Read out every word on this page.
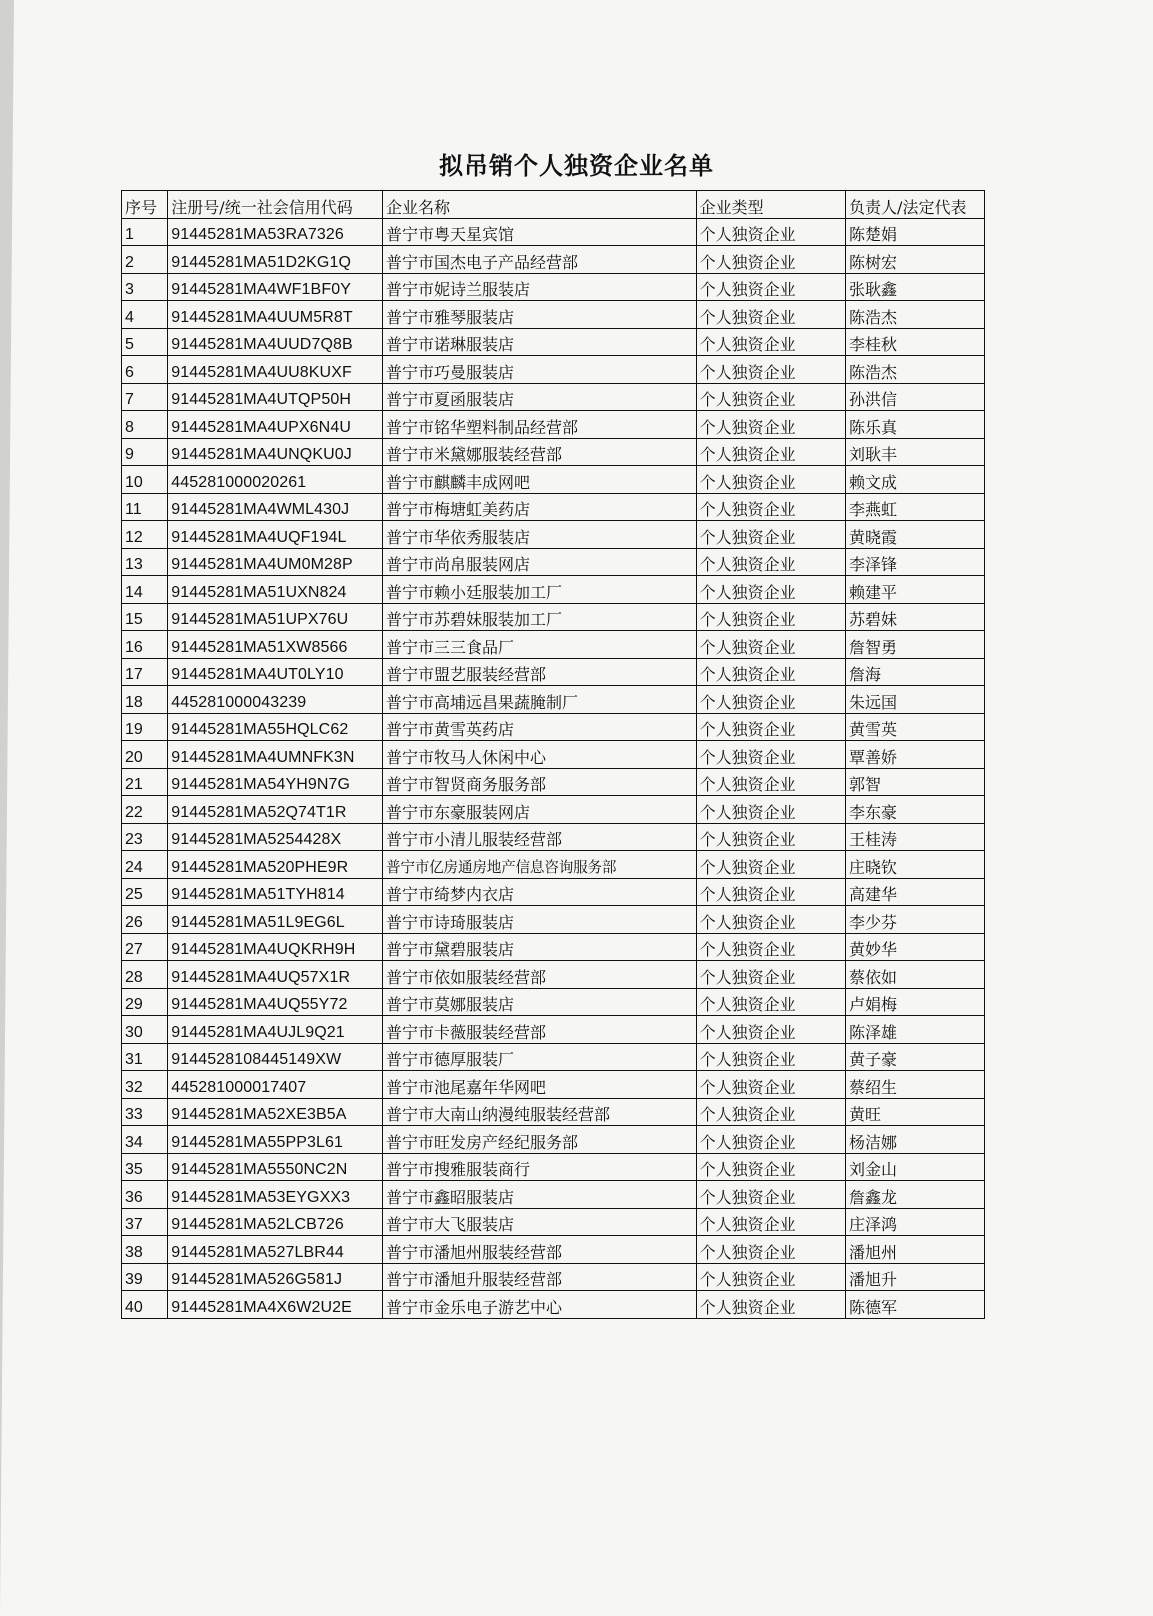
拟吊销个人独资企业名单
序号	注册号/统一社会信用代码	企业名称	企业类型	负责人/法定代表
1	91445281MA53RA7326	普宁市粤天星宾馆	个人独资企业	陈楚娟
2	91445281MA51D2KG1Q	普宁市国杰电子产品经营部	个人独资企业	陈树宏
3	91445281MA4WF1BF0Y	普宁市妮诗兰服装店	个人独资企业	张耿鑫
4	91445281MA4UUM5R8T	普宁市雅琴服装店	个人独资企业	陈浩杰
5	91445281MA4UUD7Q8B	普宁市诺琳服装店	个人独资企业	李桂秋
6	91445281MA4UU8KUXF	普宁市巧曼服装店	个人独资企业	陈浩杰
7	91445281MA4UTQP50H	普宁市夏函服装店	个人独资企业	孙洪信
8	91445281MA4UPX6N4U	普宁市铭华塑料制品经营部	个人独资企业	陈乐真
9	91445281MA4UNQKU0J	普宁市米黛娜服装经营部	个人独资企业	刘耿丰
10	445281000020261	普宁市麒麟丰成网吧	个人独资企业	赖文成
11	91445281MA4WML430J	普宁市梅塘虹美药店	个人独资企业	李燕虹
12	91445281MA4UQF194L	普宁市华依秀服装店	个人独资企业	黄晓霞
13	91445281MA4UM0M28P	普宁市尚帛服装网店	个人独资企业	李泽锋
14	91445281MA51UXN824	普宁市赖小廷服装加工厂	个人独资企业	赖建平
15	91445281MA51UPX76U	普宁市苏碧妹服装加工厂	个人独资企业	苏碧妹
16	91445281MA51XW8566	普宁市三三食品厂	个人独资企业	詹智勇
17	91445281MA4UT0LY10	普宁市盟艺服装经营部	个人独资企业	詹海
18	445281000043239	普宁市高埔远昌果蔬腌制厂	个人独资企业	朱远国
19	91445281MA55HQLC62	普宁市黄雪英药店	个人独资企业	黄雪英
20	91445281MA4UMNFK3N	普宁市牧马人休闲中心	个人独资企业	覃善娇
21	91445281MA54YH9N7G	普宁市智贤商务服务部	个人独资企业	郭智
22	91445281MA52Q74T1R	普宁市东豪服装网店	个人独资企业	李东豪
23	91445281MA5254428X	普宁市小清儿服装经营部	个人独资企业	王桂涛
24	91445281MA520PHE9R	普宁市亿房通房地产信息咨询服务部	个人独资企业	庄晓钦
25	91445281MA51TYH814	普宁市绮梦内衣店	个人独资企业	高建华
26	91445281MA51L9EG6L	普宁市诗琦服装店	个人独资企业	李少芬
27	91445281MA4UQKRH9H	普宁市黛碧服装店	个人独资企业	黄妙华
28	91445281MA4UQ57X1R	普宁市依如服装经营部	个人独资企业	蔡依如
29	91445281MA4UQ55Y72	普宁市莫娜服装店	个人独资企业	卢娟梅
30	91445281MA4UJL9Q21	普宁市卡薇服装经营部	个人独资企业	陈泽雄
31	9144528108445149XW	普宁市德厚服装厂	个人独资企业	黄子豪
32	445281000017407	普宁市池尾嘉年华网吧	个人独资企业	蔡绍生
33	91445281MA52XE3B5A	普宁市大南山纳漫纯服装经营部	个人独资企业	黄旺
34	91445281MA55PP3L61	普宁市旺发房产经纪服务部	个人独资企业	杨洁娜
35	91445281MA5550NC2N	普宁市搜雅服装商行	个人独资企业	刘金山
36	91445281MA53EYGXX3	普宁市鑫昭服装店	个人独资企业	詹鑫龙
37	91445281MA52LCB726	普宁市大飞服装店	个人独资企业	庄泽鸿
38	91445281MA527LBR44	普宁市潘旭州服装经营部	个人独资企业	潘旭州
39	91445281MA526G581J	普宁市潘旭升服装经营部	个人独资企业	潘旭升
40	91445281MA4X6W2U2E	普宁市金乐电子游艺中心	个人独资企业	陈德军
